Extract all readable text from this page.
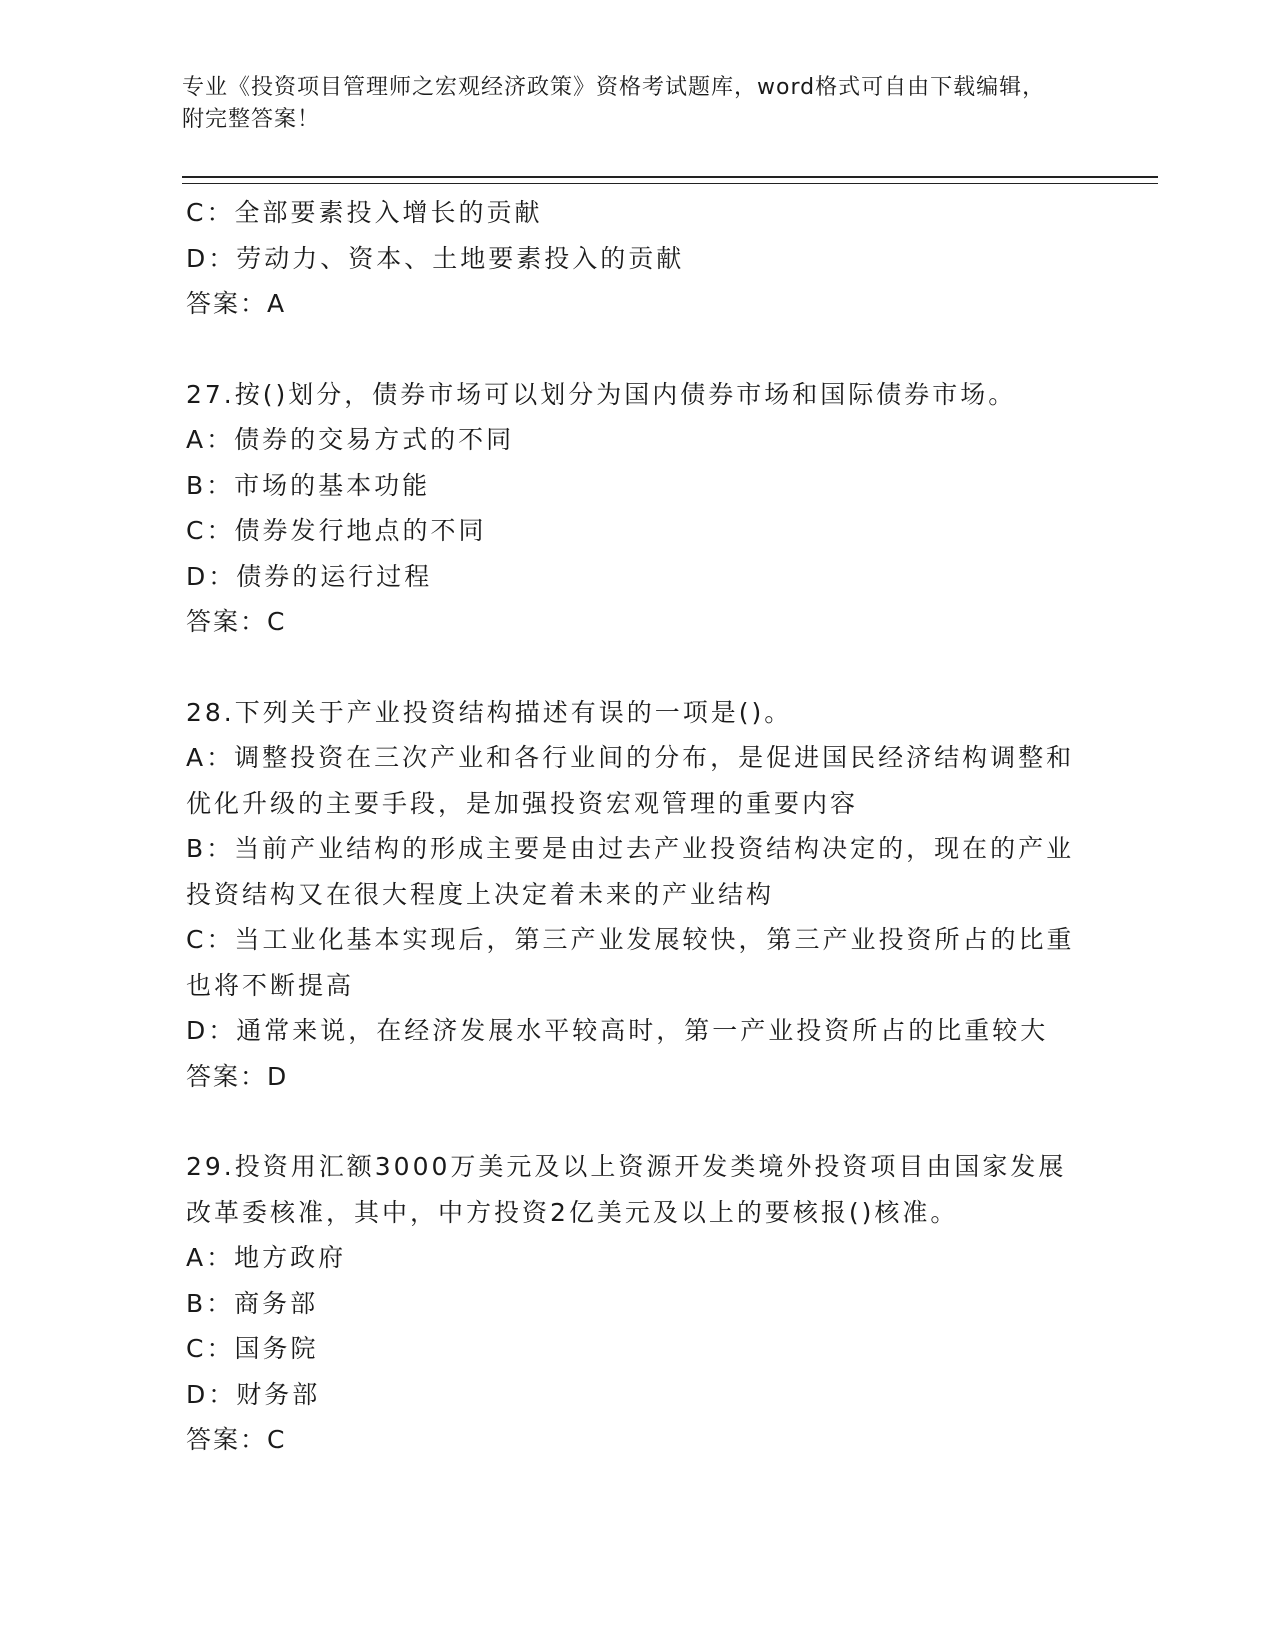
专业《投资项目管理师之宏观经济政策》资格考试题库，word格式可自由下载编辑，附完整答案！
C：全部要素投入增长的贡献
D：劳动力、资本、土地要素投入的贡献
答案：A
27.按()划分，债券市场可以划分为国内债券市场和国际债券市场。
A：债券的交易方式的不同
B：市场的基本功能
C：债券发行地点的不同
D：债券的运行过程
答案：C
28.下列关于产业投资结构描述有误的一项是()。
A：调整投资在三次产业和各行业间的分布，是促进国民经济结构调整和优化升级的主要手段，是加强投资宏观管理的重要内容
B：当前产业结构的形成主要是由过去产业投资结构决定的，现在的产业投资结构又在很大程度上决定着未来的产业结构
C：当工业化基本实现后，第三产业发展较快，第三产业投资所占的比重也将不断提高
D：通常来说，在经济发展水平较高时，第一产业投资所占的比重较大
答案：D
29.投资用汇额3000万美元及以上资源开发类境外投资项目由国家发展改革委核准，其中，中方投资2亿美元及以上的要核报()核准。
A：地方政府
B：商务部
C：国务院
D：财务部
答案：C
